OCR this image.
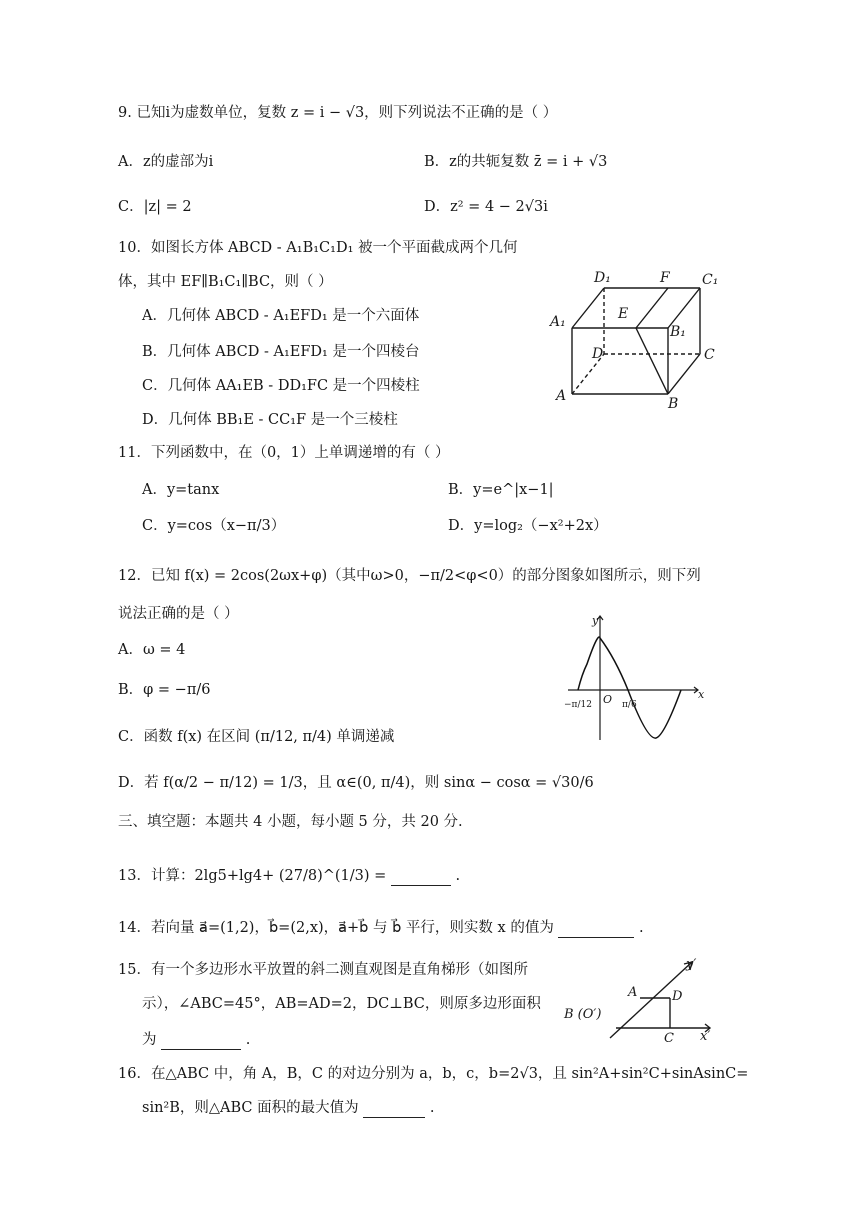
9. 已知i为虚数单位，复数 z = i − √3，则下列说法不正确的是（ ）
A．z的虚部为i	B．z的共轭复数 z̄ = i + √3
C．|z| = 2	D．z² = 4 − 2√3i
10．如图长方体 ABCD - A₁B₁C₁D₁ 被一个平面截成两个几何
体，其中 EF∥B₁C₁∥BC，则（ ）
A．几何体 ABCD - A₁EFD₁ 是一个六面体
B．几何体 ABCD - A₁EFD₁ 是一个四棱台
C．几何体 AA₁EB - DD₁FC 是一个四棱柱
D．几何体 BB₁E - CC₁F 是一个三棱柱
D₁	F C₁
A₁	E
B₁
D	C
A	B
11．下列函数中，在（0，1）上单调递增的有（ ）
A．y=tanx	B．y=e^|x−1|
C．y=cos（x−π/3）	D．y=log₂（−x²+2x）
12．已知 f(x) = 2cos(2ωx+φ)（其中ω>0，−π/2<φ<0）的部分图象如图所示，则下列
说法正确的是（ ）
A．ω = 4
B．φ = −π/6
C．函数 f(x) 在区间 (π/12, π/4) 单调递减
D．若 f(α/2 − π/12) = 1/3，且 α∈(0, π/4)，则 sinα − cosα = √30/6
y
x
O
−π/12	π/6
三、填空题：本题共 4 小题，每小题 5 分，共 20 分.
13．计算：2lg5+lg4+ (27/8)^(1/3) =	.
14．若向量 a⃗=(1,2)，b⃗=(2,x)，a⃗+b⃗ 与 b⃗ 平行，则实数 x 的值为	.
15．有一个多边形水平放置的斜二测直观图是直角梯形（如图所
示），∠ABC=45°，AB=AD=2，DC⊥BC，则原多边形面积
为	.
y′
x′
A	D
B (O′)
C
16．在△ABC 中，角 A，B，C 的对边分别为 a，b，c，b=2√3，且 sin²A+sin²C+sinAsinC=
sin²B，则△ABC 面积的最大值为	.
